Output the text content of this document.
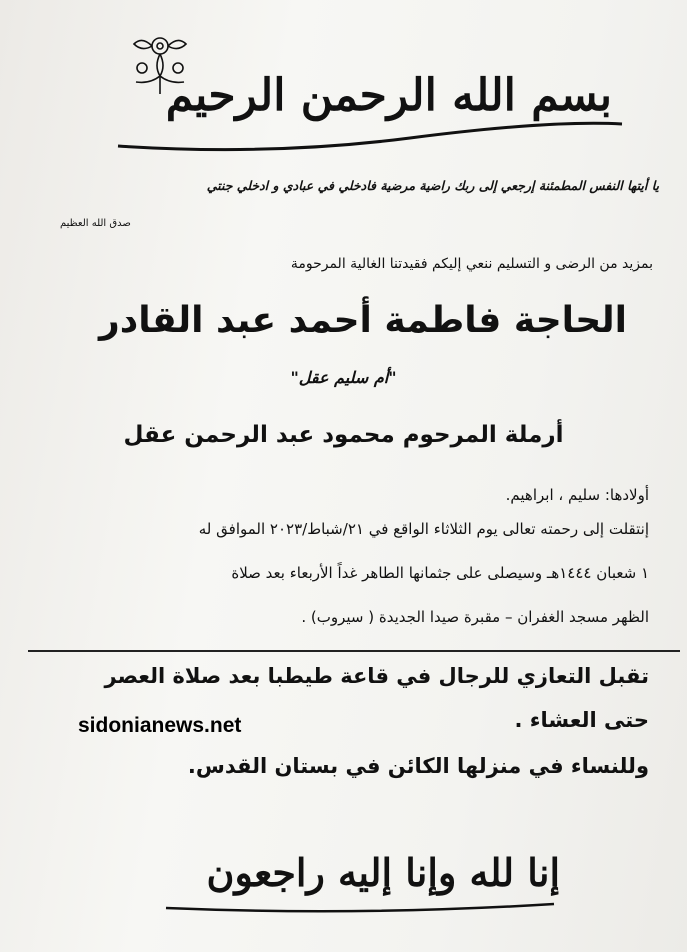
بسم الله الرحمن الرحيم
يا أيتها النفس المطمئنة إرجعي إلى ربك راضية مرضية فادخلي في عبادي و ادخلي جنتي
صدق الله العظيم
بمزيد من الرضى و التسليم ننعي إليكم فقيدتنا الغالية المرحومة
الحاجة فاطمة أحمد عبد القادر
"أم سليم عقل"
أرملة المرحوم محمود عبد الرحمن عقل
أولادها: سليم ، ابراهيم.
إنتقلت إلى رحمته تعالى يوم الثلاثاء الواقع في ٢١/شباط/٢٠٢٣ الموافق له
١ شعبان ١٤٤٤هـ وسيصلى على جثمانها الطاهر غداً الأربعاء بعد صلاة
الظهر مسجد الغفران – مقبرة صيدا الجديدة ( سيروب) .
تقبل التعازي للرجال في قاعة طيطبا بعد صلاة العصر
حتى العشاء .
وللنساء في منزلها الكائن في بستان القدس.
sidonianews.net
إنا لله وإنا إليه راجعون
